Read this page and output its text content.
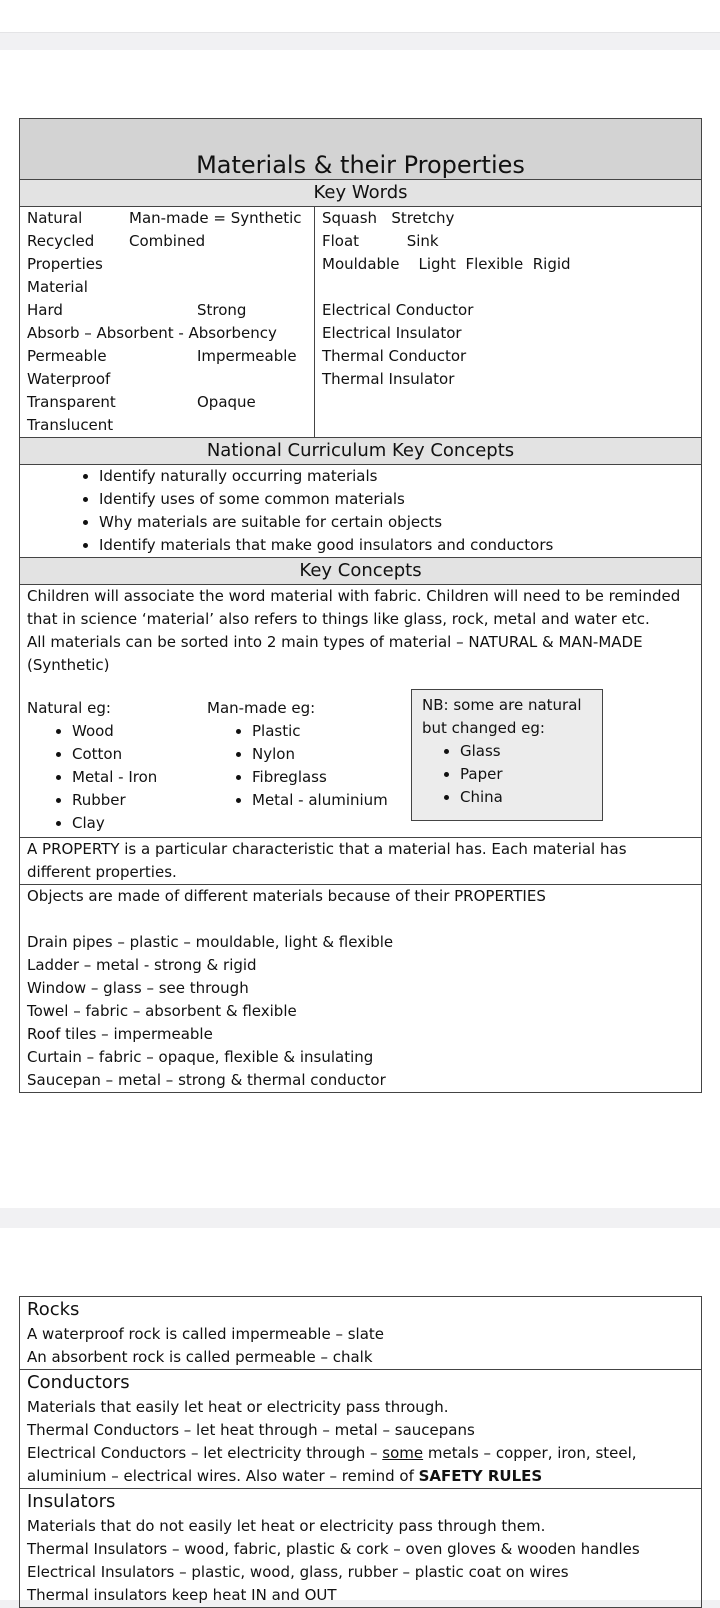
Materials & their Properties
Key Words

Natural	Man-made = Synthetic
Recycled Combined
Properties
Material
Hard	Strong
Absorb – Absorbent - Absorbency
Permeable	Impermeable
Waterproof
Transparent	Opaque
Translucent

Squash   Stretchy
Float          Sink
Mouldable    Light  Flexible  Rigid
Electrical Conductor
Electrical Insulator
Thermal Conductor
Thermal Insulator

National Curriculum Key Concepts

• Identify naturally occurring materials
• Identify uses of some common materials
• Why materials are suitable for certain objects
• Identify materials that make good insulators and conductors

Key Concepts

Children will associate the word material with fabric. Children will need to be reminded that in science ‘material’ also refers to things like glass, rock, metal and water etc.
All materials can be sorted into 2 main types of material – NATURAL & MAN-MADE (Synthetic)
Natural eg:
• Wood
• Cotton
• Metal - Iron
• Rubber
• Clay
Man-made eg:
• Plastic
• Nylon
• Fibreglass
• Metal - aluminium
NB: some are natural but changed eg:
• Glass
• Paper
• China

A PROPERTY is a particular characteristic that a material has. Each material has different properties.

Objects are made of different materials because of their PROPERTIES
Drain pipes – plastic – mouldable, light & flexible
Ladder – metal - strong & rigid
Window – glass – see through
Towel – fabric – absorbent & flexible
Roof tiles – impermeable
Curtain – fabric – opaque, flexible & insulating
Saucepan – metal – strong & thermal conductor
Rocks
A waterproof rock is called impermeable – slate
An absorbent rock is called permeable – chalk

Conductors
Materials that easily let heat or electricity pass through.
Thermal Conductors – let heat through – metal – saucepans
Electrical Conductors – let electricity through – some metals – copper, iron, steel, aluminium – electrical wires. Also water – remind of SAFETY RULES

Insulators
Materials that do not easily let heat or electricity pass through them.
Thermal Insulators – wood, fabric, plastic & cork – oven gloves & wooden handles
Electrical Insulators – plastic, wood, glass, rubber – plastic coat on wires
Thermal insulators keep heat IN and OUT
